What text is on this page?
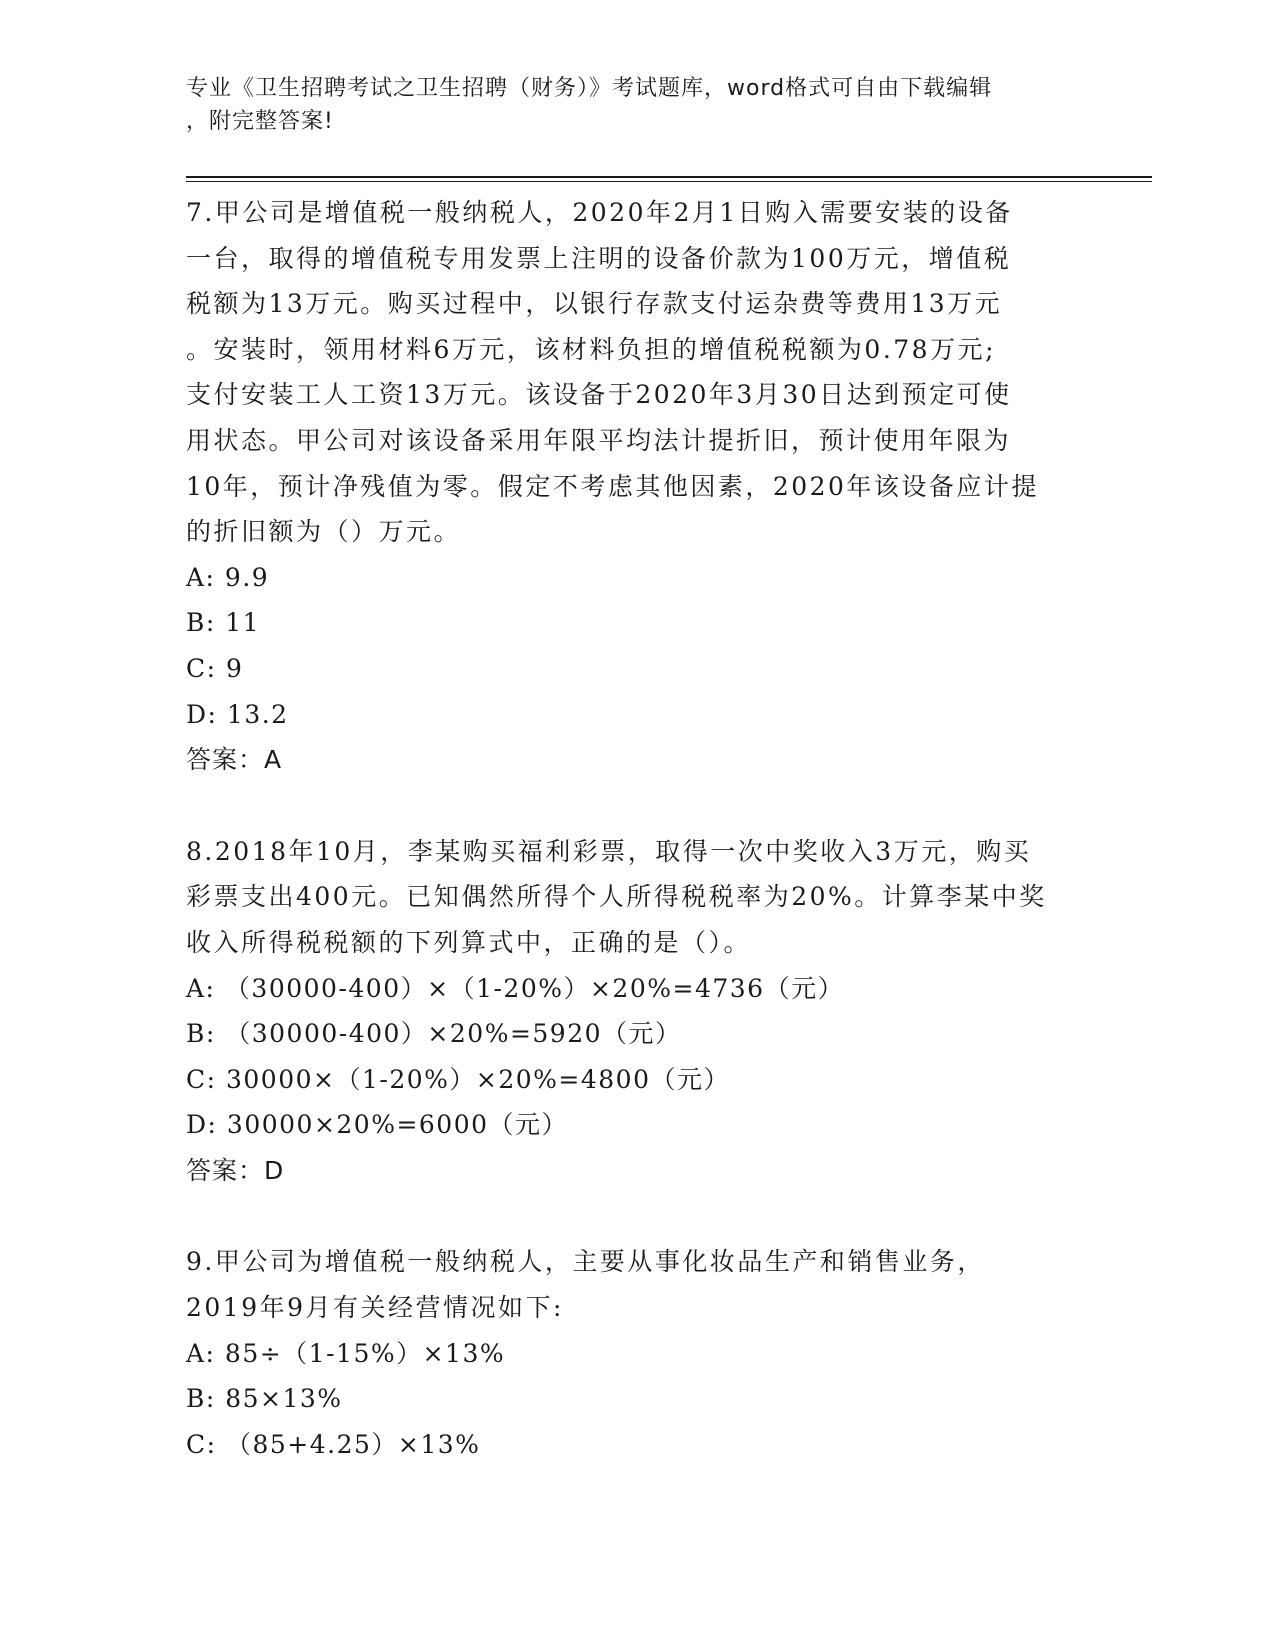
专业《卫生招聘考试之卫生招聘（财务）》考试题库，word格式可自由下载编辑
，附完整答案!

7.甲公司是增值税一般纳税人，2020年2月1日购入需要安装的设备

一台，取得的增值税专用发票上注明的设备价款为100万元，增值税

税额为13万元。购买过程中，以银行存款支付运杂费等费用13万元

。安装时，领用材料6万元，该材料负担的增值税税额为0.78万元;

支付安装工人工资13万元。该设备于2020年3月30日达到预定可使

用状态。甲公司对该设备采用年限平均法计提折旧，预计使用年限为

10年，预计净残值为零。假定不考虑其他因素，2020年该设备应计提

的折旧额为（）万元。

A: 9.9

B: 11

C: 9

D: 13.2

答案：A

8.2018年10月，李某购买福利彩票，取得一次中奖收入3万元，购买

彩票支出400元。已知偶然所得个人所得税税率为20%。计算李某中奖

收入所得税税额的下列算式中，正确的是（）。

A: （30000-400）×（1-20%）×20%=4736（元）

B: （30000-400）×20%=5920（元）

C: 30000×（1-20%）×20%=4800（元）

D: 30000×20%=6000（元）

答案：D

9.甲公司为增值税一般纳税人，主要从事化妆品生产和销售业务，

2019年9月有关经营情况如下:

A: 85÷（1-15%）×13%

B: 85×13%

C: （85+4.25）×13%
